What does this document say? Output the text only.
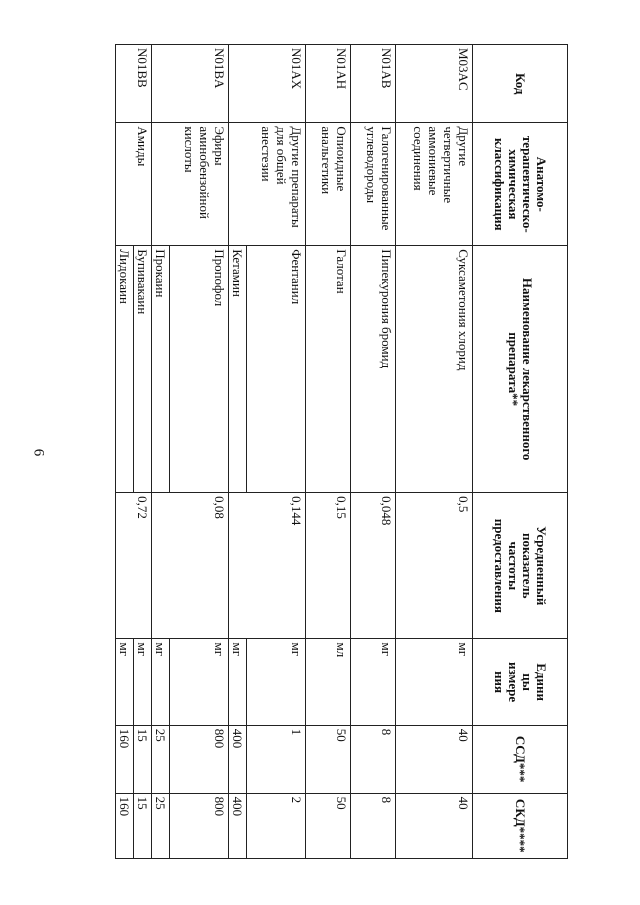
6
Код	Анатомо-
терапевтическо-
химическая
классификация	Наименование лекарственного
препарата**	Усредненный
показатель
частоты
предоставления	Едини
цы
измере
ния	ССД***	СКД****
M03AC	Другие
четвертичные
аммониевые
соединения	Суксаметония хлорид	0,5	мг	40	40
N01AB	Галогенированные
углеводороды	Пипекурония бромид	0,048	мг	8	8
N01AH	Опиоидные
анальгетики	Галотан	0,15	мл	50	50
N01AX	Другие препараты
для общей
анестезии	Фентанил	0,144	мг	1	2
		Кетамин		мг	400	400
N01BA	Эфиры
аминобензойной
кислоты	Пропофол	0,08	мг	800	800
		Прокаин		мг	25	25
N01BB	Амиды	Бупивакаин	0,72	мг	15	15
		Лидокаин		мг	160	160
